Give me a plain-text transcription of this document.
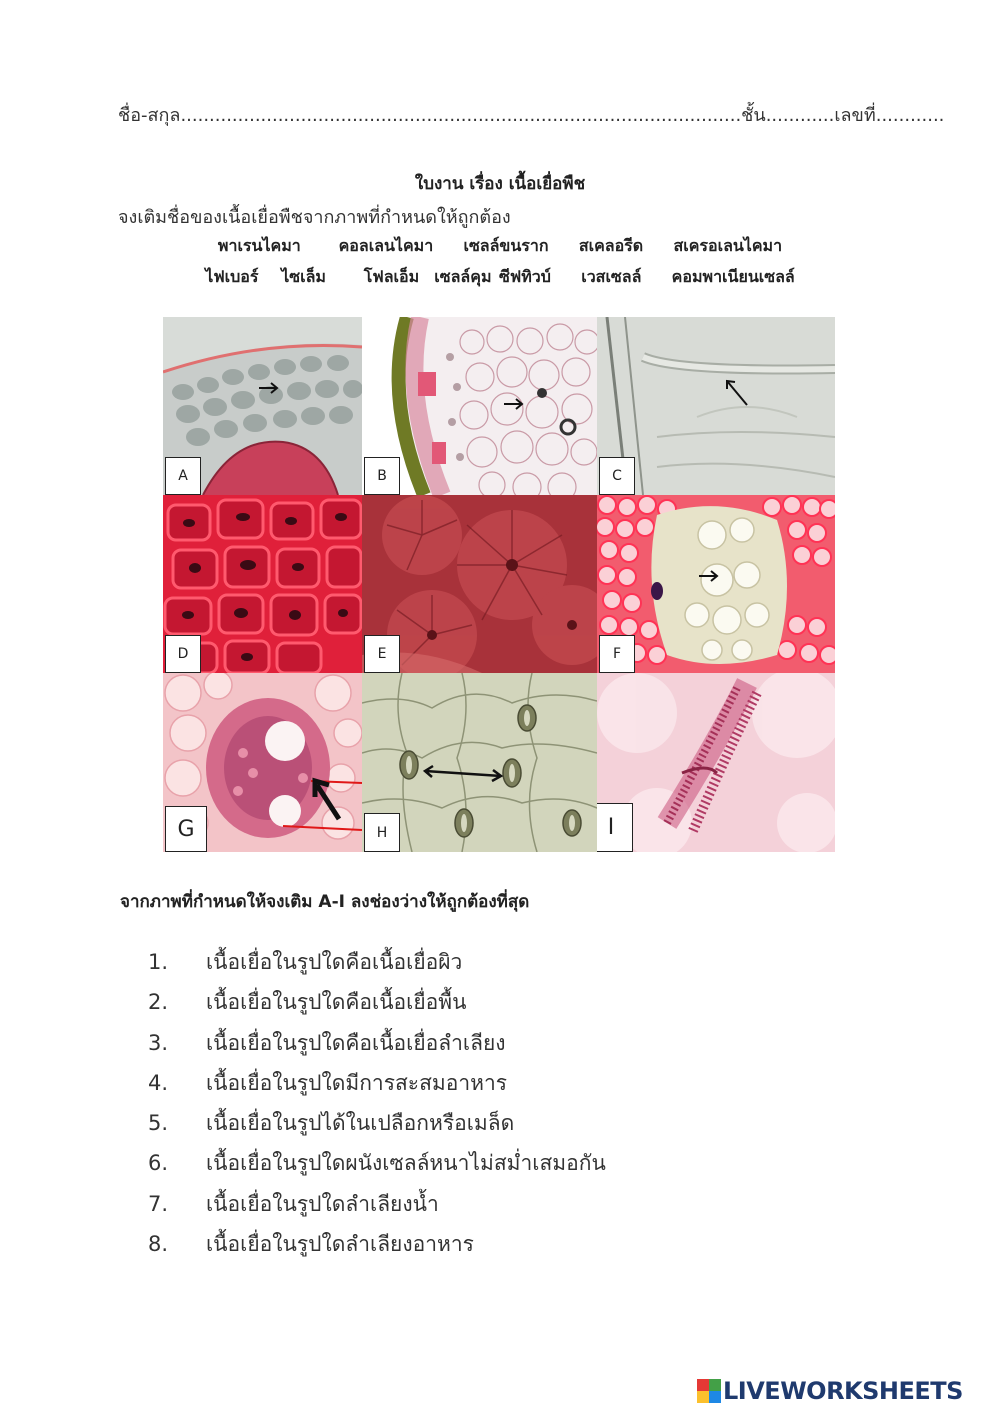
ชื่อ-สกุล..................................................................................................ชั้น............เลขที่............
ใบงาน เรื่อง เนื้อเยื่อพืช
จงเติมชื่อของเนื้อเยื่อพืชจากภาพที่กำหนดให้ถูกต้อง
พาเรนไคมา คอลเลนไคมา เซลล์ขนราก สเคลอรีด สเครอเลนไคมา
ไฟเบอร์ ไซเล็ม โฟลเอ็ม เซลล์คุม ซีฟทิวบ์ เวสเซลล์ คอมพาเนียนเซลล์
A	B	C
D	E	F
G	H	I
จากภาพที่กำหนดให้จงเติม A-I ลงช่องว่างให้ถูกต้องที่สุด
1. เนื้อเยื่อในรูปใดคือเนื้อเยื่อผิว
2. เนื้อเยื่อในรูปใดคือเนื้อเยื่อพื้น
3. เนื้อเยื่อในรูปใดคือเนื้อเยื่อลำเลียง
4. เนื้อเยื่อในรูปใดมีการสะสมอาหาร
5. เนื้อเยื่อในรูปได้ในเปลือกหรือเมล็ด
6. เนื้อเยื่อในรูปใดผนังเซลล์หนาไม่สม่ำเสมอกัน
7. เนื้อเยื่อในรูปใดลำเลียงน้ำ
8. เนื้อเยื่อในรูปใดลำเลียงอาหาร
LIVEWORKSHEETS
